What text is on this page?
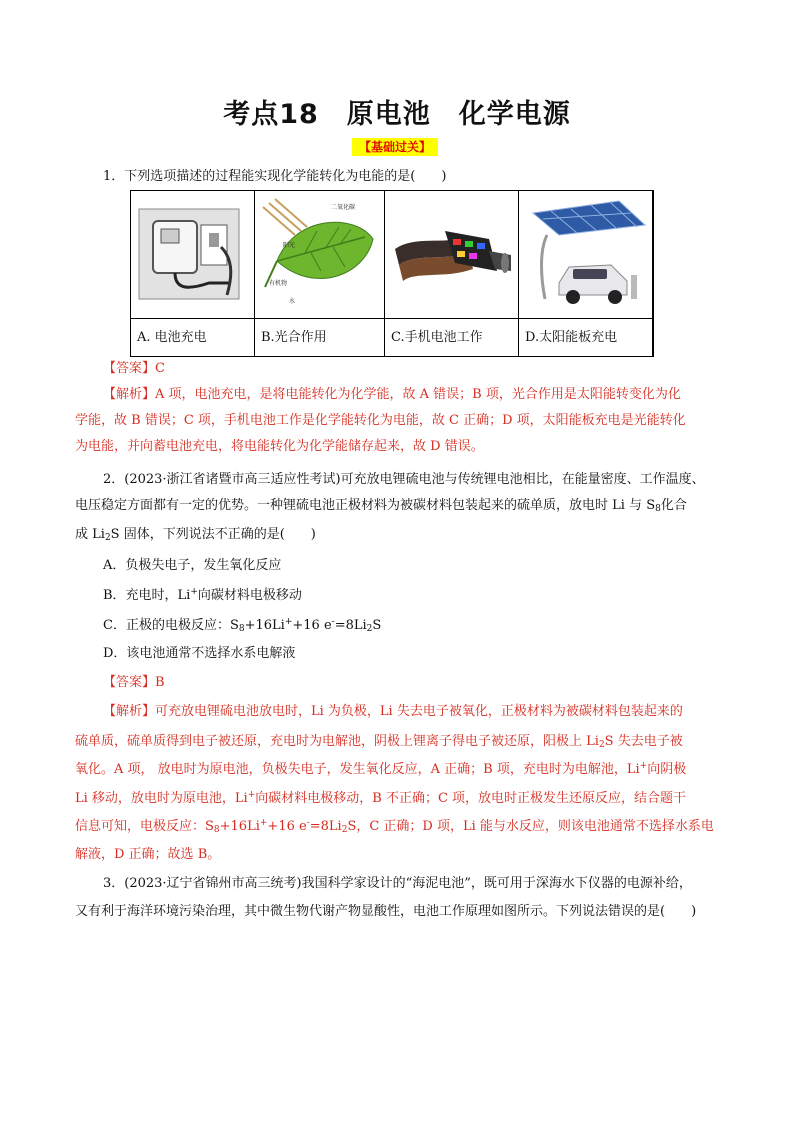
考点18　原电池　化学电源
【基础过关】
1．下列选项描述的过程能实现化学能转化为电能的是(　　)
二氧化碳
阳光
有机物
水
A. 电池充电	B.光合作用	C.手机电池工作	D.太阳能板充电
【答案】C
【解析】A 项，电池充电，是将电能转化为化学能，故 A 错误；B 项，光合作用是太阳能转变化为化
学能，故 B 错误；C 项，手机电池工作是化学能转化为电能，故 C 正确；D 项，太阳能板充电是光能转化
为电能，并向蓄电池充电，将电能转化为化学能储存起来，故 D 错误。
2．(2023·浙江省诸暨市高三适应性考试)可充放电锂硫电池与传统锂电池相比，在能量密度、工作温度、
电压稳定方面都有一定的优势。一种锂硫电池正极材料为被碳材料包装起来的硫单质，放电时 Li 与 $S_8$化合
成 $Li_2S$ 固体，下列说法不正确的是(　　)
A．负极失电子，发生氧化反应
B．充电时，Li+向碳材料电极移动
C．正极的电极反应：$S_8+16Li^++16$ $e^-=8Li_2S$
D．该电池通常不选择水系电解液
【答案】B
【解析】可充放电锂硫电池放电时，Li 为负极，Li 失去电子被氧化，正极材料为被碳材料包装起来的
硫单质，硫单质得到电子被还原，充电时为电解池，阴极上锂离子得电子被还原，阳极上 $Li_2S$ 失去电子被
氧化。A 项， 放电时为原电池，负极失电子，发生氧化反应，A 正确；B 项，充电时为电解池，Li+向阴极
Li 移动，放电时为原电池，Li+向碳材料电极移动，B 不正确；C 项，放电时正极发生还原反应，结合题干
信息可知，电极反应：$S_8+16Li^++16$ $e^-=8Li_2S$，C 正确；D 项，Li 能与水反应，则该电池通常不选择水系电
解液，D 正确；故选 B。
3．(2023·辽宁省锦州市高三统考)我国科学家设计的“海泥电池”，既可用于深海水下仪器的电源补给，
又有利于海洋环境污染治理，其中微生物代谢产物显酸性，电池工作原理如图所示。下列说法错误的是(　　)
